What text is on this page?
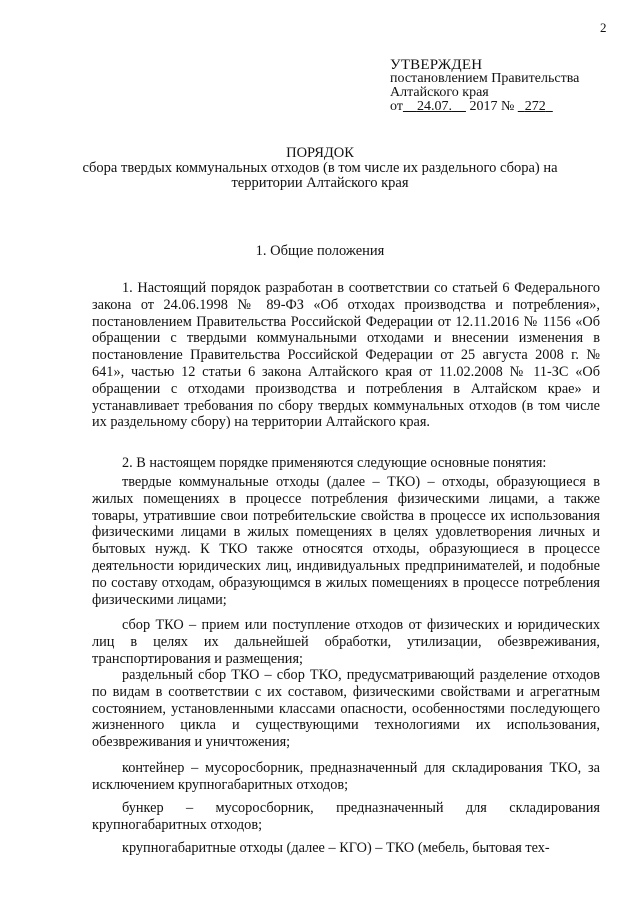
2
УТВЕРЖДЕН
постановлением Правительства
Алтайского края
от 24.07. 2017 № 272
ПОРЯДОК
сбора твердых коммунальных отходов (в том числе их раздельного сбора) на
территории Алтайского края
1. Общие положения
1. Настоящий порядок разработан в соответствии со статьей 6 Федерального закона от 24.06.1998 № 89-ФЗ «Об отходах производства и потребления», постановлением Правительства Российской Федерации от 12.11.2016 № 1156 «Об обращении с твердыми коммунальными отходами и внесении изменения в постановление Правительства Российской Федерации от 25 августа 2008 г. № 641», частью 12 статьи 6 закона Алтайского края от 11.02.2008 № 11-ЗС «Об обращении с отходами производства и потребления в Алтайском крае» и устанавливает требования по сбору твердых коммунальных отходов (в том числе их раздельному сбору) на территории Алтайского края.
2. В настоящем порядке применяются следующие основные понятия:
твердые коммунальные отходы (далее – ТКО) – отходы, образующиеся в жилых помещениях в процессе потребления физическими лицами, а также товары, утратившие свои потребительские свойства в процессе их использования физическими лицами в жилых помещениях в целях удовлетворения личных и бытовых нужд. К ТКО также относятся отходы, образующиеся в процессе деятельности юридических лиц, индивидуальных предпринимателей, и подобные по составу отходам, образующимся в жилых помещениях в процессе потребления физическими лицами;
сбор ТКО – прием или поступление отходов от физических и юридических лиц в целях их дальнейшей обработки, утилизации, обезвреживания, транспортирования и размещения;
раздельный сбор ТКО – сбор ТКО, предусматривающий разделение отходов по видам в соответствии с их составом, физическими свойствами и агрегатным состоянием, установленными классами опасности, особенностями последующего жизненного цикла и существующими технологиями их использования, обезвреживания и уничтожения;
контейнер – мусоросборник, предназначенный для складирования ТКО, за исключением крупногабаритных отходов;
бункер – мусоросборник, предназначенный для складирования крупногабаритных отходов;
крупногабаритные отходы (далее – КГО) – ТКО (мебель, бытовая тех-
